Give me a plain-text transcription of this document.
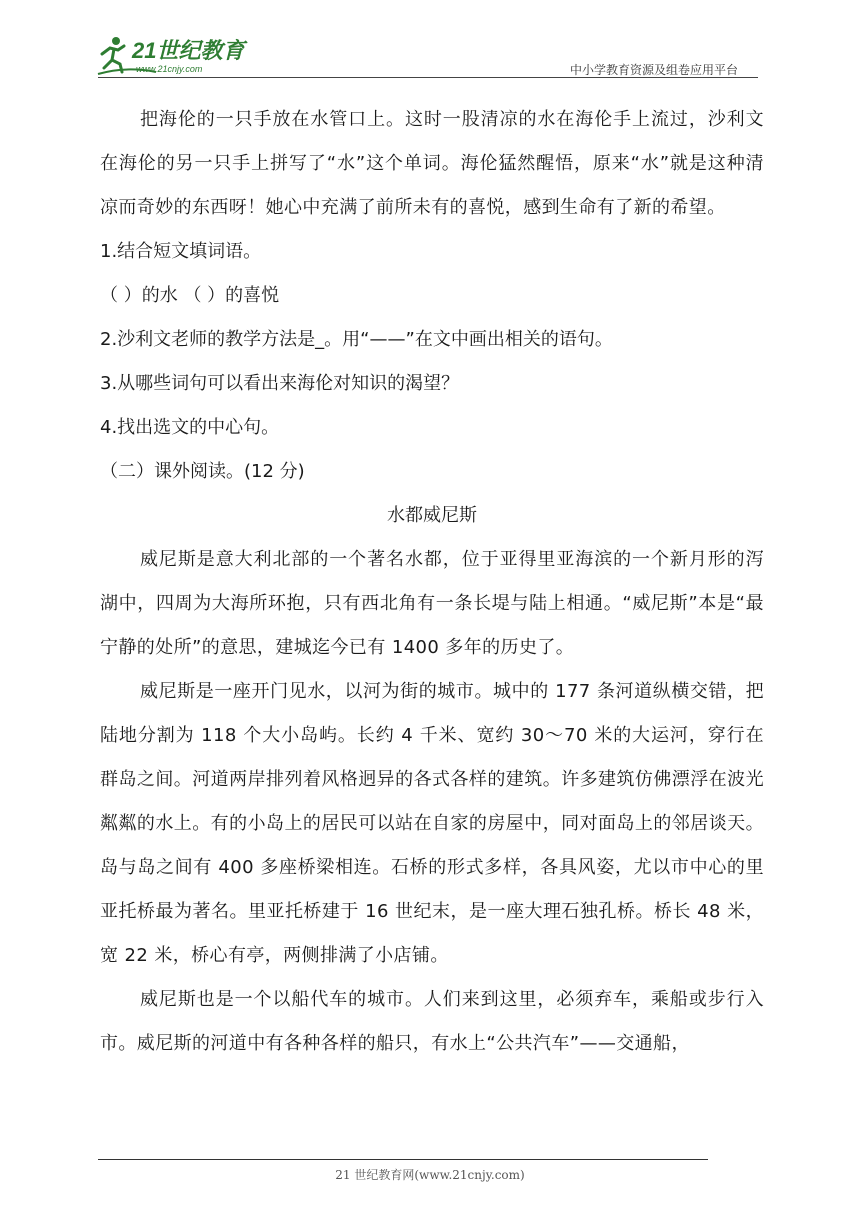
21世纪教育
www.21cnjy.com	中小学教育资源及组卷应用平台

把海伦的一只手放在水管口上。这时一股清凉的水在海伦手上流过，沙利文在海伦的另一只手上拼写了“水”这个单词。海伦猛然醒悟，原来“水”就是这种清凉而奇妙的东西呀！她心中充满了前所未有的喜悦，感到生命有了新的希望。

1.结合短文填词语。

（ ）的水 （ ）的喜悦

2.沙利文老师的教学方法是_。用“——”在文中画出相关的语句。

3.从哪些词句可以看出来海伦对知识的渴望？

4.找出选文的中心句。

（二）课外阅读。(12 分)

水都威尼斯

威尼斯是意大利北部的一个著名水都，位于亚得里亚海滨的一个新月形的泻湖中，四周为大海所环抱，只有西北角有一条长堤与陆上相通。“威尼斯”本是“最宁静的处所”的意思，建城迄今已有 1400 多年的历史了。

威尼斯是一座开门见水，以河为街的城市。城中的 177 条河道纵横交错，把陆地分割为 118 个大小岛屿。长约 4 千米、宽约 30～70 米的大运河，穿行在群岛之间。河道两岸排列着风格迥异的各式各样的建筑。许多建筑仿佛漂浮在波光粼粼的水上。有的小岛上的居民可以站在自家的房屋中，同对面岛上的邻居谈天。岛与岛之间有 400 多座桥梁相连。石桥的形式多样，各具风姿，尤以市中心的里亚托桥最为著名。里亚托桥建于 16 世纪末，是一座大理石独孔桥。桥长 48 米，宽 22 米，桥心有亭，两侧排满了小店铺。

威尼斯也是一个以船代车的城市。人们来到这里，必须弃车，乘船或步行入市。威尼斯的河道中有各种各样的船只，有水上“公共汽车”——交通船，

21 世纪教育网(www.21cnjy.com)
